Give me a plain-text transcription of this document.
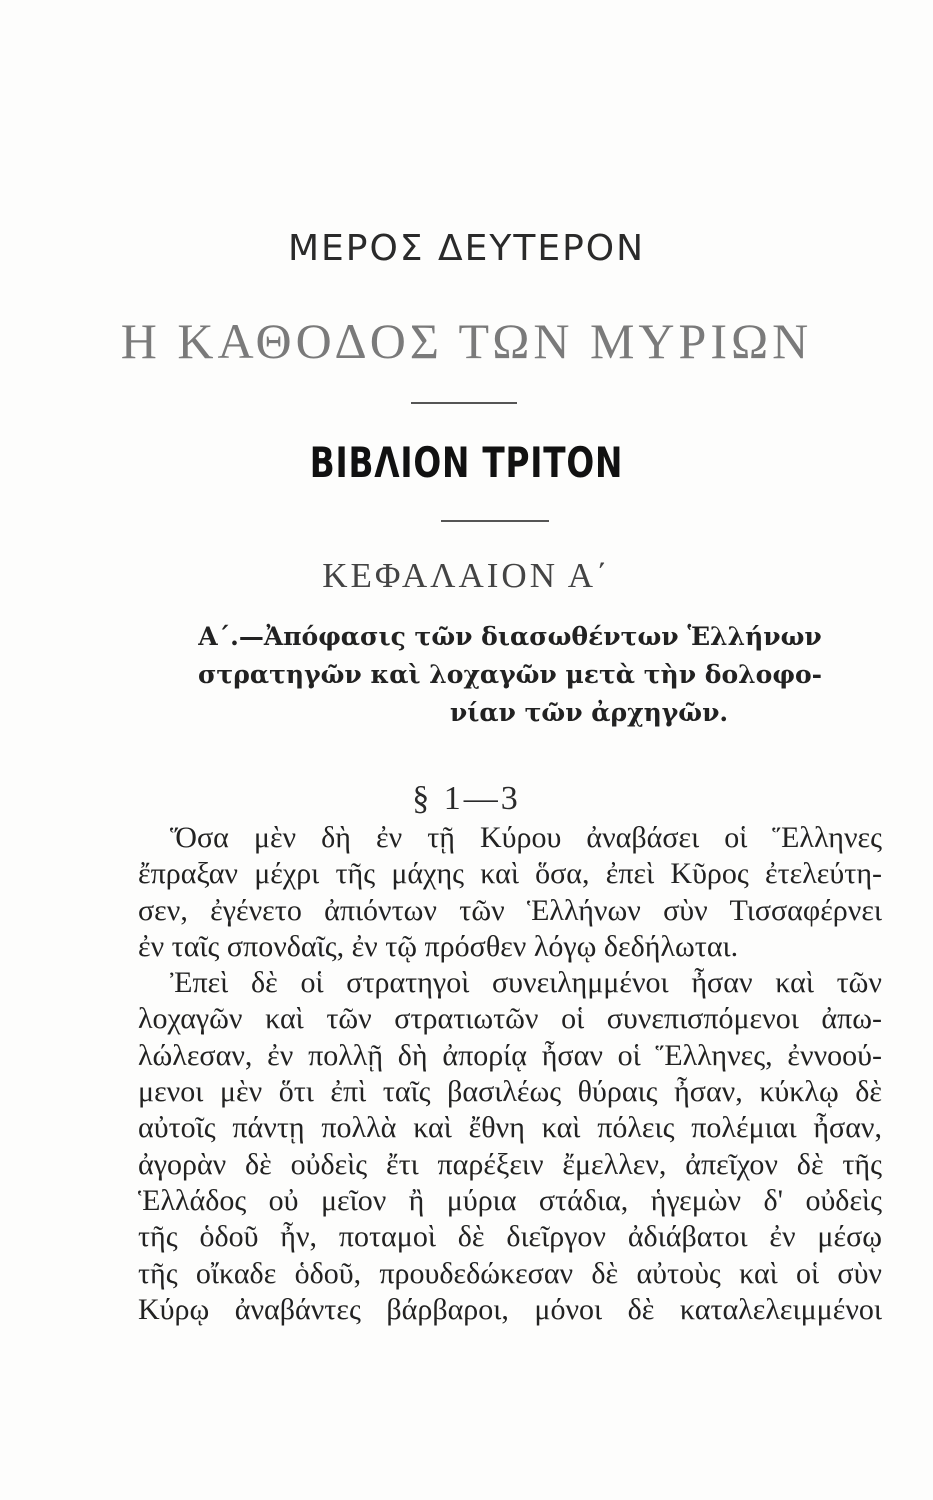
ΜΕΡΟΣ ΔΕΥΤΕΡΟΝ
Η ΚΑΘΟΔΟΣ ΤΩΝ ΜΥΡΙΩΝ
ΒΙΒΛΙΟΝ ΤΡΙΤΟΝ
ΚΕΦΑΛΑΙΟΝ Α΄
Α΄.—Ἀπόφασις τῶν διασωθέντων Ἑλλήνων
στρατηγῶν καὶ λοχαγῶν μετὰ τὴν δολοφο-
νίαν τῶν ἀρχηγῶν.
§ 1—3
Ὅσα μὲν δὴ ἐν τῇ Κύρου ἀναβάσει οἱ Ἕλληνες
ἔπραξαν μέχρι τῆς μάχης καὶ ὅσα, ἐπεὶ Κῦρος ἐτελεύτη-
σεν, ἐγένετο ἀπιόντων τῶν Ἑλλήνων σὺν Τισσαφέρνει
ἐν ταῖς σπονδαῖς, ἐν τῷ πρόσθεν λόγῳ δεδήλωται.
Ἐπεὶ δὲ οἱ στρατηγοὶ συνειλημμένοι ἦσαν καὶ τῶν
λοχαγῶν καὶ τῶν στρατιωτῶν οἱ συνεπισπόμενοι ἀπω-
λώλεσαν, ἐν πολλῇ δὴ ἀπορίᾳ ἦσαν οἱ Ἕλληνες, ἐννοού-
μενοι μὲν ὅτι ἐπὶ ταῖς βασιλέως θύραις ἦσαν, κύκλῳ δὲ
αὐτοῖς πάντῃ πολλὰ καὶ ἔθνη καὶ πόλεις πολέμιαι ἦσαν,
ἀγορὰν δὲ οὐδεὶς ἔτι παρέξειν ἔμελλεν, ἀπεῖχον δὲ τῆς
Ἑλλάδος οὐ μεῖον ἢ μύρια στάδια, ἡγεμὼν δ' οὐδεὶς
τῆς ὁδοῦ ἦν, ποταμοὶ δὲ διεῖργον ἀδιάβατοι ἐν μέσῳ
τῆς οἴκαδε ὁδοῦ, προυδεδώκεσαν δὲ αὐτοὺς καὶ οἱ σὺν
Κύρῳ ἀναβάντες βάρβαροι, μόνοι δὲ καταλελειμμένοι
